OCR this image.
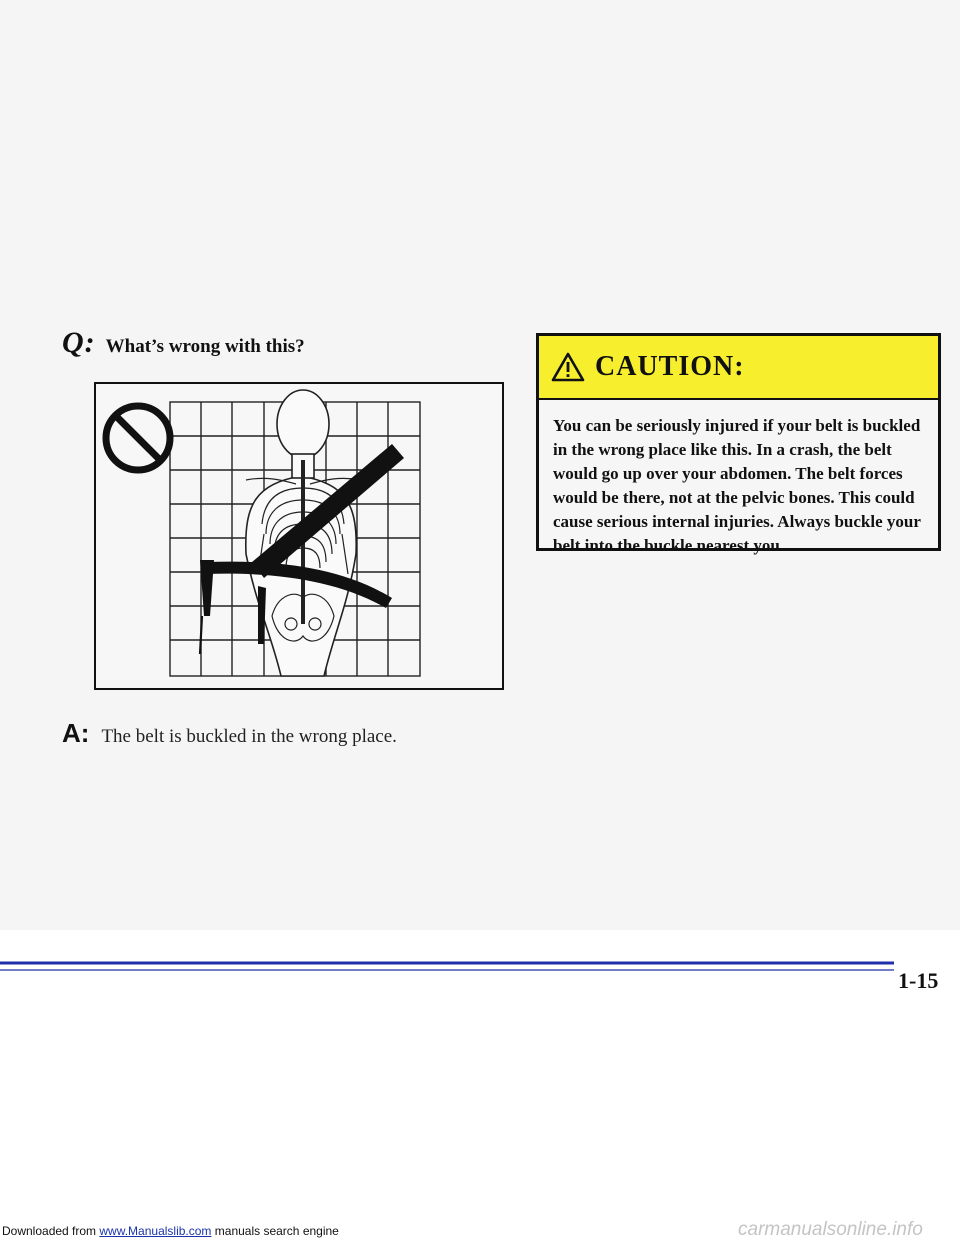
Q: What’s wrong with this?
A: The belt is buckled in the wrong place.
CAUTION:
You can be seriously injured if your belt is buckled in the wrong place like this. In a crash, the belt would go up over your abdomen. The belt forces would be there, not at the pelvic bones. This could cause serious internal injuries. Always buckle your belt into the buckle nearest you.
1-15
Downloaded from www.Manualslib.com manuals search engine	carmanualsonline.info
